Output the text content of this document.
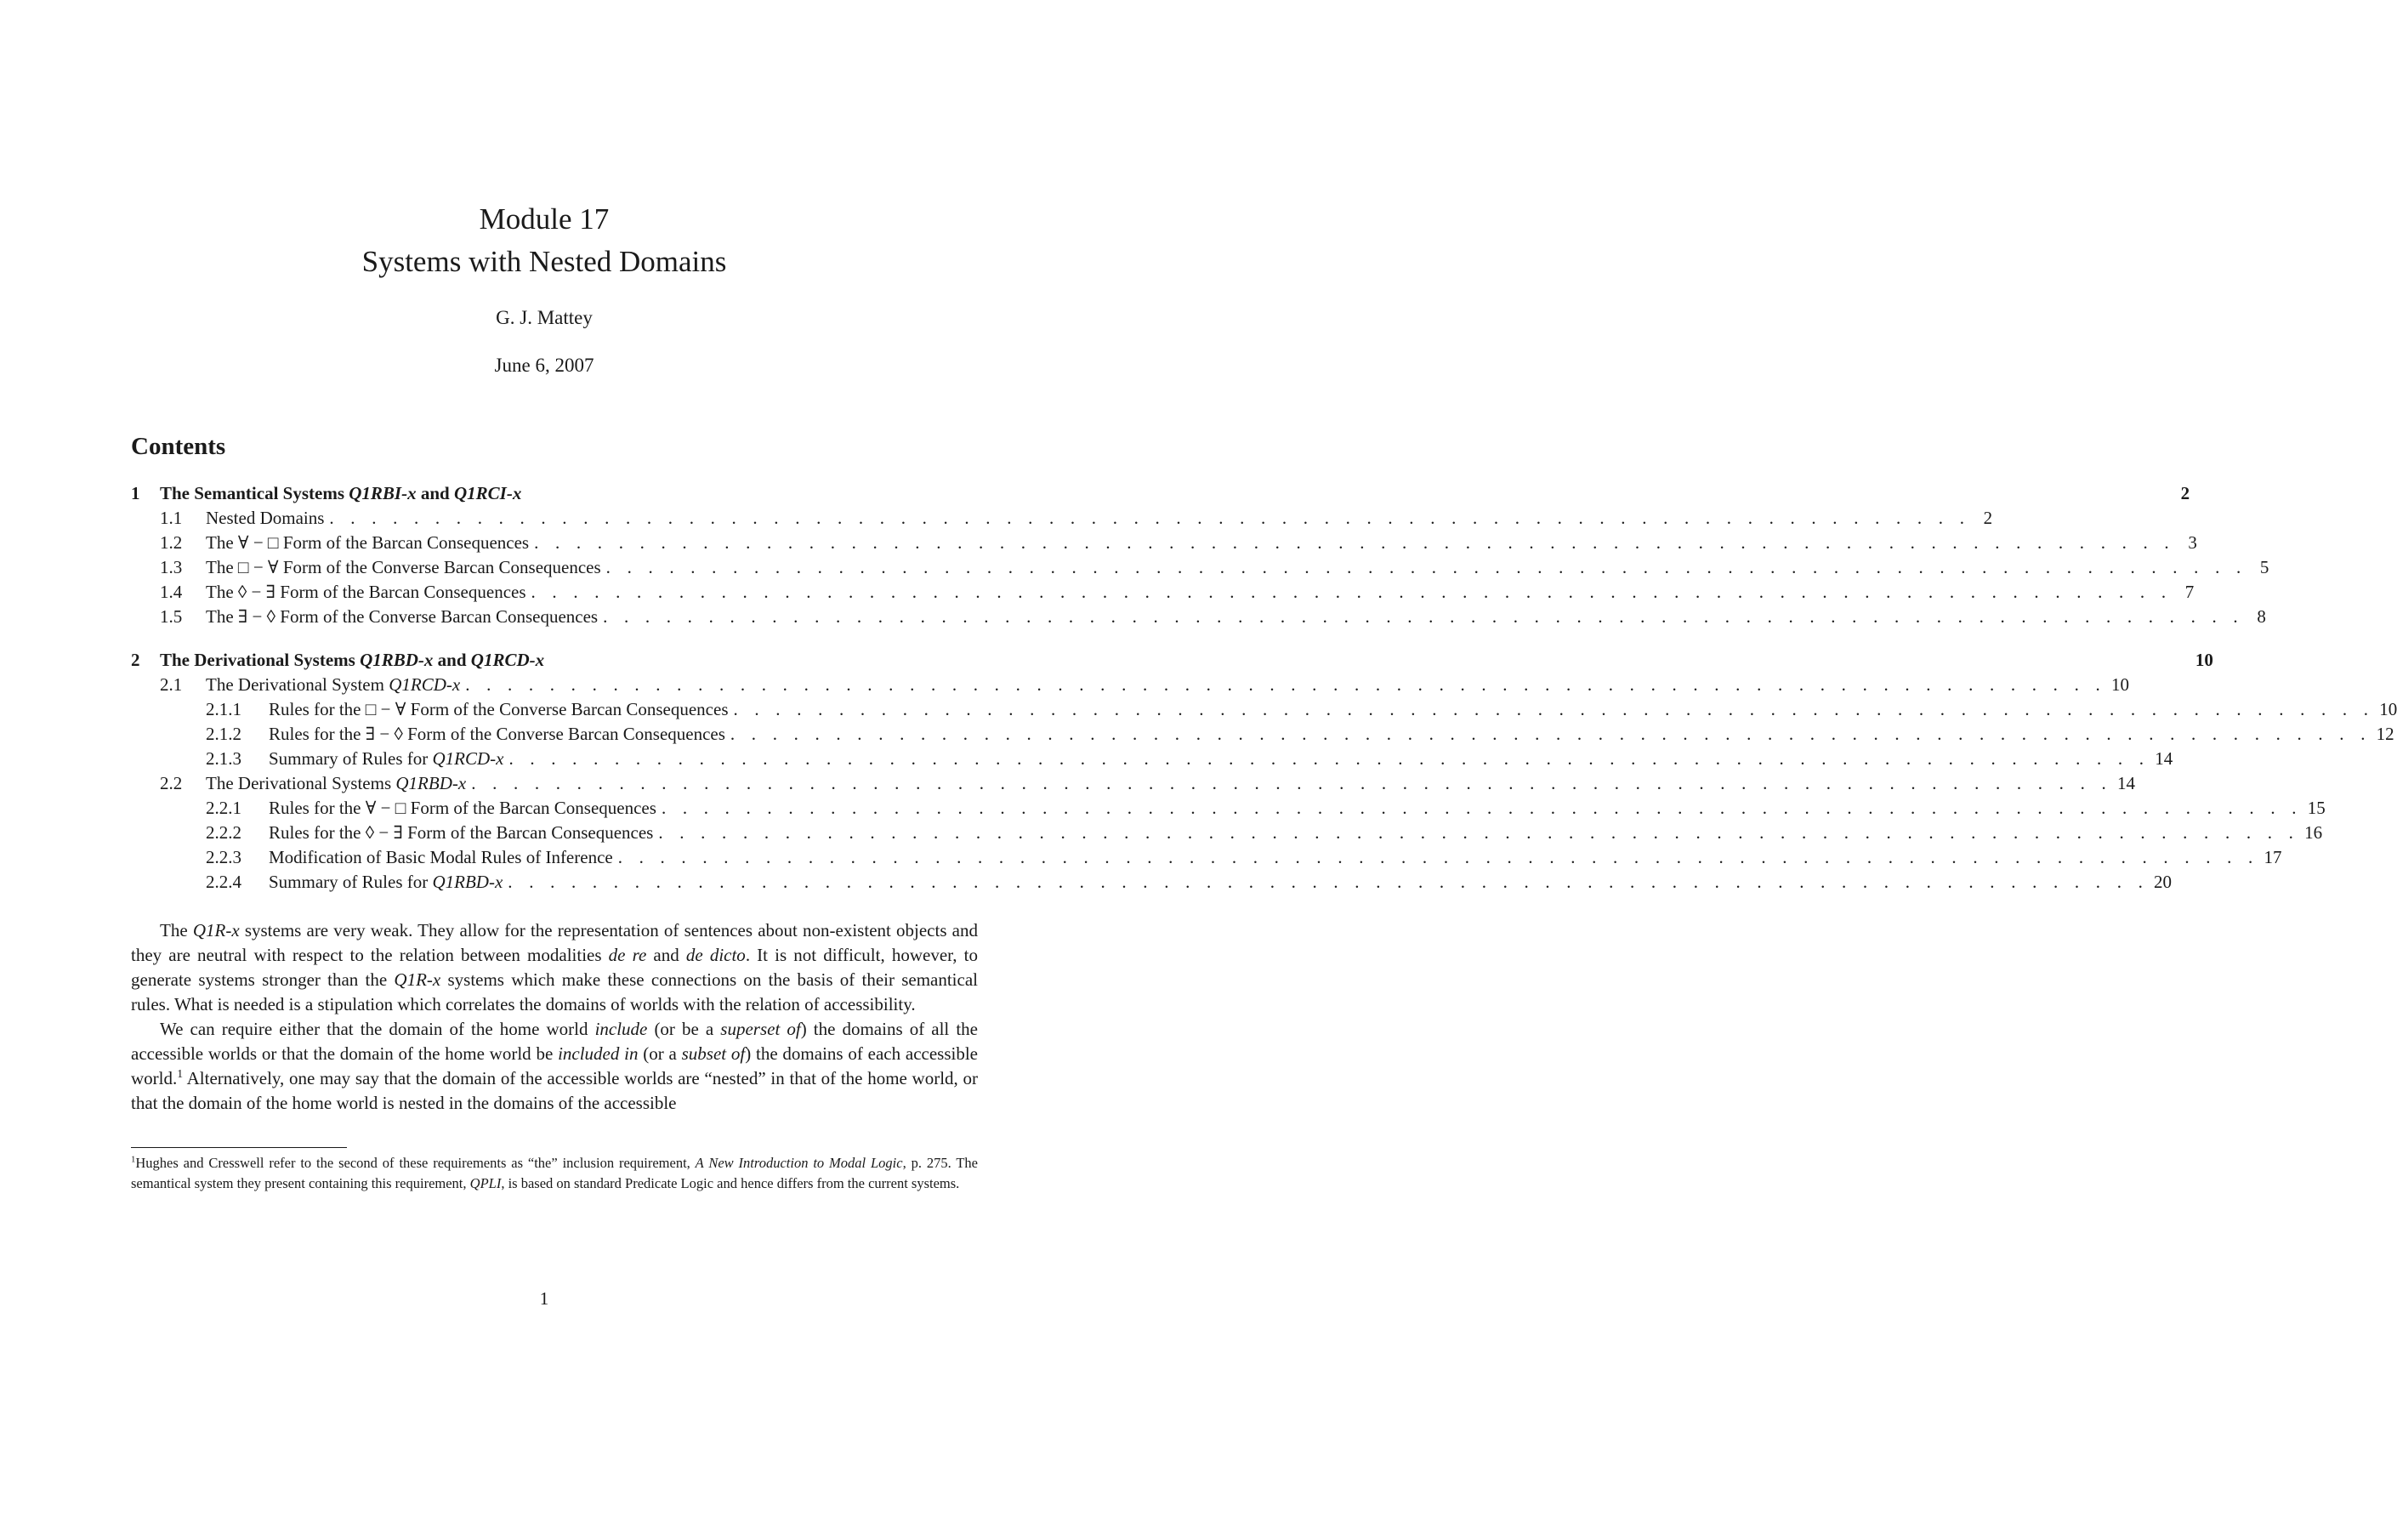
Module 17
Systems with Nested Domains
G. J. Mattey
June 6, 2007
Contents
1	The Semantical Systems Q1RBI-x and Q1RCI-x	2
1.1	Nested Domains . . . . . . . . . . . . . . . . . . . . . . . . . . . . . . . . . . . . . . . . . . . . . . . . . . . . . . . . . . . . . . . . . . . . . . . . . . . . . . 2
1.2	The ∀ − □ Form of the Barcan Consequences . . . . . . . . . . . . . . . . . . . . . . . . . . . . . . . . . . . . . . . . . . . . . . . . . . . . . . . . . . . . . . . . . . . . . . . . . . . . . . 3
1.3	The □ − ∀ Form of the Converse Barcan Consequences . . . . . . . . . . . . . . . . . . . . . . . . . . . . . . . . . . . . . . . . . . . . . . . . . . . . . . . . . . . . . . . . . . . . . . . . . . . . . . 5
1.4	The ◊ − ∃ Form of the Barcan Consequences . . . . . . . . . . . . . . . . . . . . . . . . . . . . . . . . . . . . . . . . . . . . . . . . . . . . . . . . . . . . . . . . . . . . . . . . . . . . . . 7
1.5	The ∃ − ◊ Form of the Converse Barcan Consequences . . . . . . . . . . . . . . . . . . . . . . . . . . . . . . . . . . . . . . . . . . . . . . . . . . . . . . . . . . . . . . . . . . . . . . . . . . . . . . 8
2	The Derivational Systems Q1RBD-x and Q1RCD-x	10
2.1	The Derivational System Q1RCD-x . . . . . . . . . . . . . . . . . . . . . . . . . . . . . . . . . . . . . . . . . . . . . . . . . . . . . . . . . . . . . . . . . . . . . . . . . . . . . . 10
2.1.1	Rules for the □ − ∀ Form of the Converse Barcan Consequences . . . . . . . . . . . . . . . . . . . . . . . . . . . . . . . . . . . . . . . . . . . . . . . . . . . . . . . . . . . . . . . . . . . . . . . . . . . . . . 10
2.1.2	Rules for the ∃ − ◊ Form of the Converse Barcan Consequences . . . . . . . . . . . . . . . . . . . . . . . . . . . . . . . . . . . . . . . . . . . . . . . . . . . . . . . . . . . . . . . . . . . . . . . . . . . . . . 12
2.1.3	Summary of Rules for Q1RCD-x . . . . . . . . . . . . . . . . . . . . . . . . . . . . . . . . . . . . . . . . . . . . . . . . . . . . . . . . . . . . . . . . . . . . . . . . . . . . . . 14
2.2	The Derivational Systems Q1RBD-x . . . . . . . . . . . . . . . . . . . . . . . . . . . . . . . . . . . . . . . . . . . . . . . . . . . . . . . . . . . . . . . . . . . . . . . . . . . . . . 14
2.2.1	Rules for the ∀ − □ Form of the Barcan Consequences . . . . . . . . . . . . . . . . . . . . . . . . . . . . . . . . . . . . . . . . . . . . . . . . . . . . . . . . . . . . . . . . . . . . . . . . . . . . . . 15
2.2.2	Rules for the ◊ − ∃ Form of the Barcan Consequences . . . . . . . . . . . . . . . . . . . . . . . . . . . . . . . . . . . . . . . . . . . . . . . . . . . . . . . . . . . . . . . . . . . . . . . . . . . . . . 16
2.2.3	Modification of Basic Modal Rules of Inference . . . . . . . . . . . . . . . . . . . . . . . . . . . . . . . . . . . . . . . . . . . . . . . . . . . . . . . . . . . . . . . . . . . . . . . . . . . . . . 17
2.2.4	Summary of Rules for Q1RBD-x . . . . . . . . . . . . . . . . . . . . . . . . . . . . . . . . . . . . . . . . . . . . . . . . . . . . . . . . . . . . . . . . . . . . . . . . . . . . . . 20

The Q1R-x systems are very weak. They allow for the representation of sentences about non-existent objects and they are neutral with respect to the relation between modalities de re and de dicto. It is not difficult, however, to generate systems stronger than the Q1R-x systems which make these connections on the basis of their semantical rules. What is needed is a stipulation which correlates the domains of worlds with the relation of accessibility.

We can require either that the domain of the home world include (or be a superset of) the domains of all the accessible worlds or that the domain of the home world be included in (or a subset of) the domains of each accessible world.$^1$ Alternatively, one may say that the domain of the accessible worlds are “nested” in that of the home world, or that the domain of the home world is nested in the domains of the accessible

$^1$Hughes and Cresswell refer to the second of these requirements as “the” inclusion requirement, A New Introduction to Modal Logic, p. 275. The semantical system they present containing this requirement, QPLI, is based on standard Predicate Logic and hence differs from the current systems.
1
